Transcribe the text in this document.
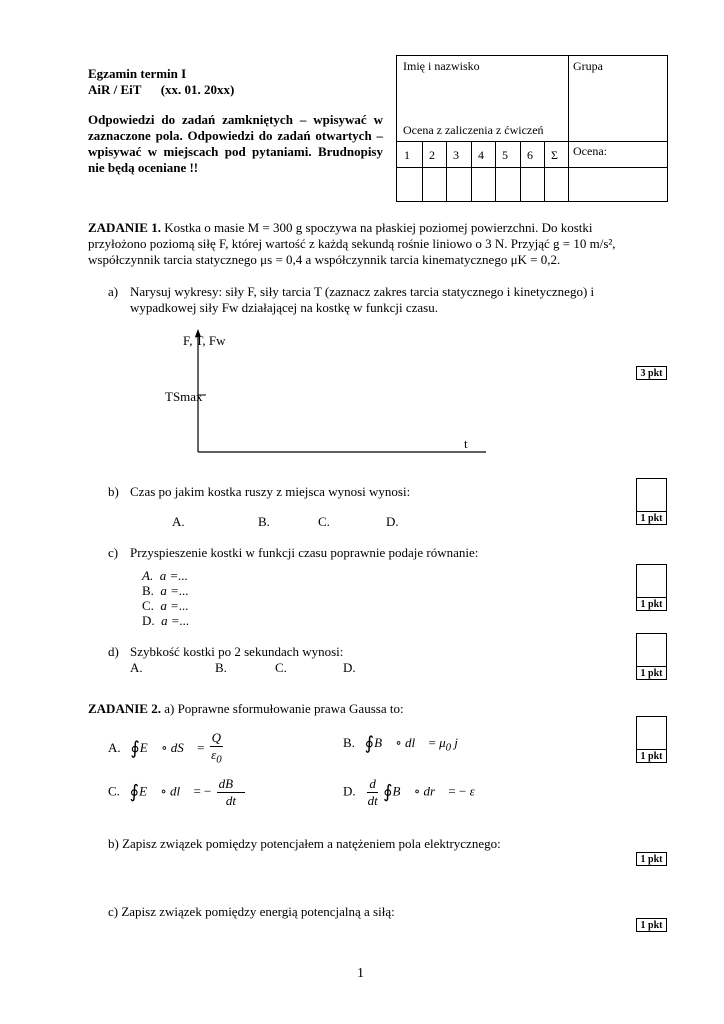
Egzamin termin I
AiR / EiT      (xx. 01. 20xx)
Odpowiedzi do zadań zamkniętych – wpisywać w zaznaczone pola. Odpowiedzi do zadań otwartych – wpisywać w miejscach pod pytaniami. Brudnopisy nie będą oceniane !!
Imię i nazwisko	Grupa
Ocena z zaliczenia z ćwiczeń
Ocena:
1 2 3 4 5 6 Σ
ZADANIE 1. Kostka o masie M = 300 g spoczywa na płaskiej poziomej powierzchni. Do kostki
przyłożono poziomą siłę F, której wartość z każdą sekundą rośnie liniowo o 3 N. Przyjąć g = 10 m/s²,
współczynnik tarcia statycznego μs = 0,4 a współczynnik tarcia kinematycznego μK = 0,2.
a) Narysuj wykresy: siły F, siły tarcia T (zaznacz zakres tarcia statycznego i kinetycznego) i
wypadkowej siły Fw działającej na kostkę w funkcji czasu.
F, T, Fw
t
TSmax
3 pkt
b) Czas po jakim kostka ruszy z miejsca wynosi wynosi:
A.	B.	C.	D.	1 pkt
c) Przyspieszenie kostki w funkcji czasu poprawnie podaje równanie:
A. a =...
B. a =...
C. a =...
D. a =...
1 pkt
d) Szybkość kostki po 2 sekundach wynosi:
A.	B.	C.	D.	1 pkt
ZADANIE 2. a) Poprawne sformułowanie prawa Gaussa to:
A. ∮E⃗ ∘ dS⃗ = $\frac{Q}{\varepsilon_0}$	B. ∮B⃗ ∘ dl⃗ = $\mu_0$ j
C. ∮E⃗ ∘ dl⃗ = − $\frac{dB⃗}{dt}$	D. $\frac{d}{dt}$ ∮B⃗ ∘ dr⃗ = − ε
1 pkt
b) Zapisz związek pomiędzy potencjałem a natężeniem pola elektrycznego:
1 pkt
c) Zapisz związek pomiędzy energią potencjalną a siłą:
1 pkt
1
